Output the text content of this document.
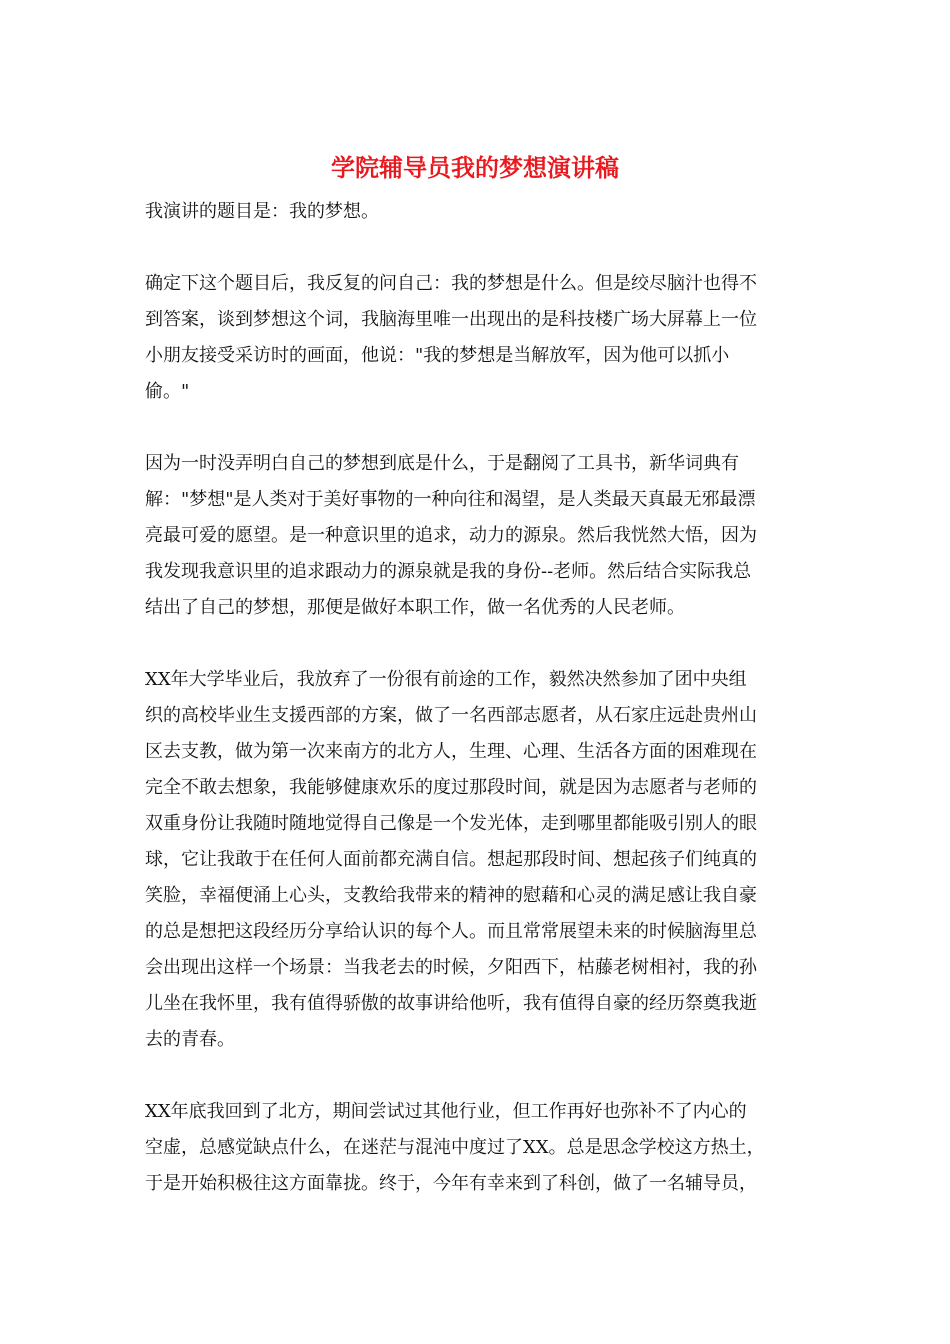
学院辅导员我的梦想演讲稿
我演讲的题目是：我的梦想。
确定下这个题目后，我反复的问自己：我的梦想是什么。但是绞尽脑汁也得不
到答案，谈到梦想这个词，我脑海里唯一出现出的是科技楼广场大屏幕上一位
小朋友接受采访时的画面，他说："我的梦想是当解放军，因为他可以抓小
偷。"
因为一时没弄明白自己的梦想到底是什么，于是翻阅了工具书，新华词典有
解："梦想"是人类对于美好事物的一种向往和渴望，是人类最天真最无邪最漂
亮最可爱的愿望。是一种意识里的追求，动力的源泉。然后我恍然大悟，因为
我发现我意识里的追求跟动力的源泉就是我的身份--老师。然后结合实际我总
结出了自己的梦想，那便是做好本职工作，做一名优秀的人民老师。
XX年大学毕业后，我放弃了一份很有前途的工作，毅然决然参加了团中央组
织的高校毕业生支援西部的方案，做了一名西部志愿者，从石家庄远赴贵州山
区去支教，做为第一次来南方的北方人，生理、心理、生活各方面的困难现在
完全不敢去想象，我能够健康欢乐的度过那段时间，就是因为志愿者与老师的
双重身份让我随时随地觉得自己像是一个发光体，走到哪里都能吸引别人的眼
球，它让我敢于在任何人面前都充满自信。想起那段时间、想起孩子们纯真的
笑脸，幸福便涌上心头，支教给我带来的精神的慰藉和心灵的满足感让我自豪
的总是想把这段经历分享给认识的每个人。而且常常展望未来的时候脑海里总
会出现出这样一个场景：当我老去的时候，夕阳西下，枯藤老树相衬，我的孙
儿坐在我怀里，我有值得骄傲的故事讲给他听，我有值得自豪的经历祭奠我逝
去的青春。
XX年底我回到了北方，期间尝试过其他行业，但工作再好也弥补不了内心的
空虚，总感觉缺点什么，在迷茫与混沌中度过了XX。总是思念学校这方热土，
于是开始积极往这方面靠拢。终于，今年有幸来到了科创，做了一名辅导员，
